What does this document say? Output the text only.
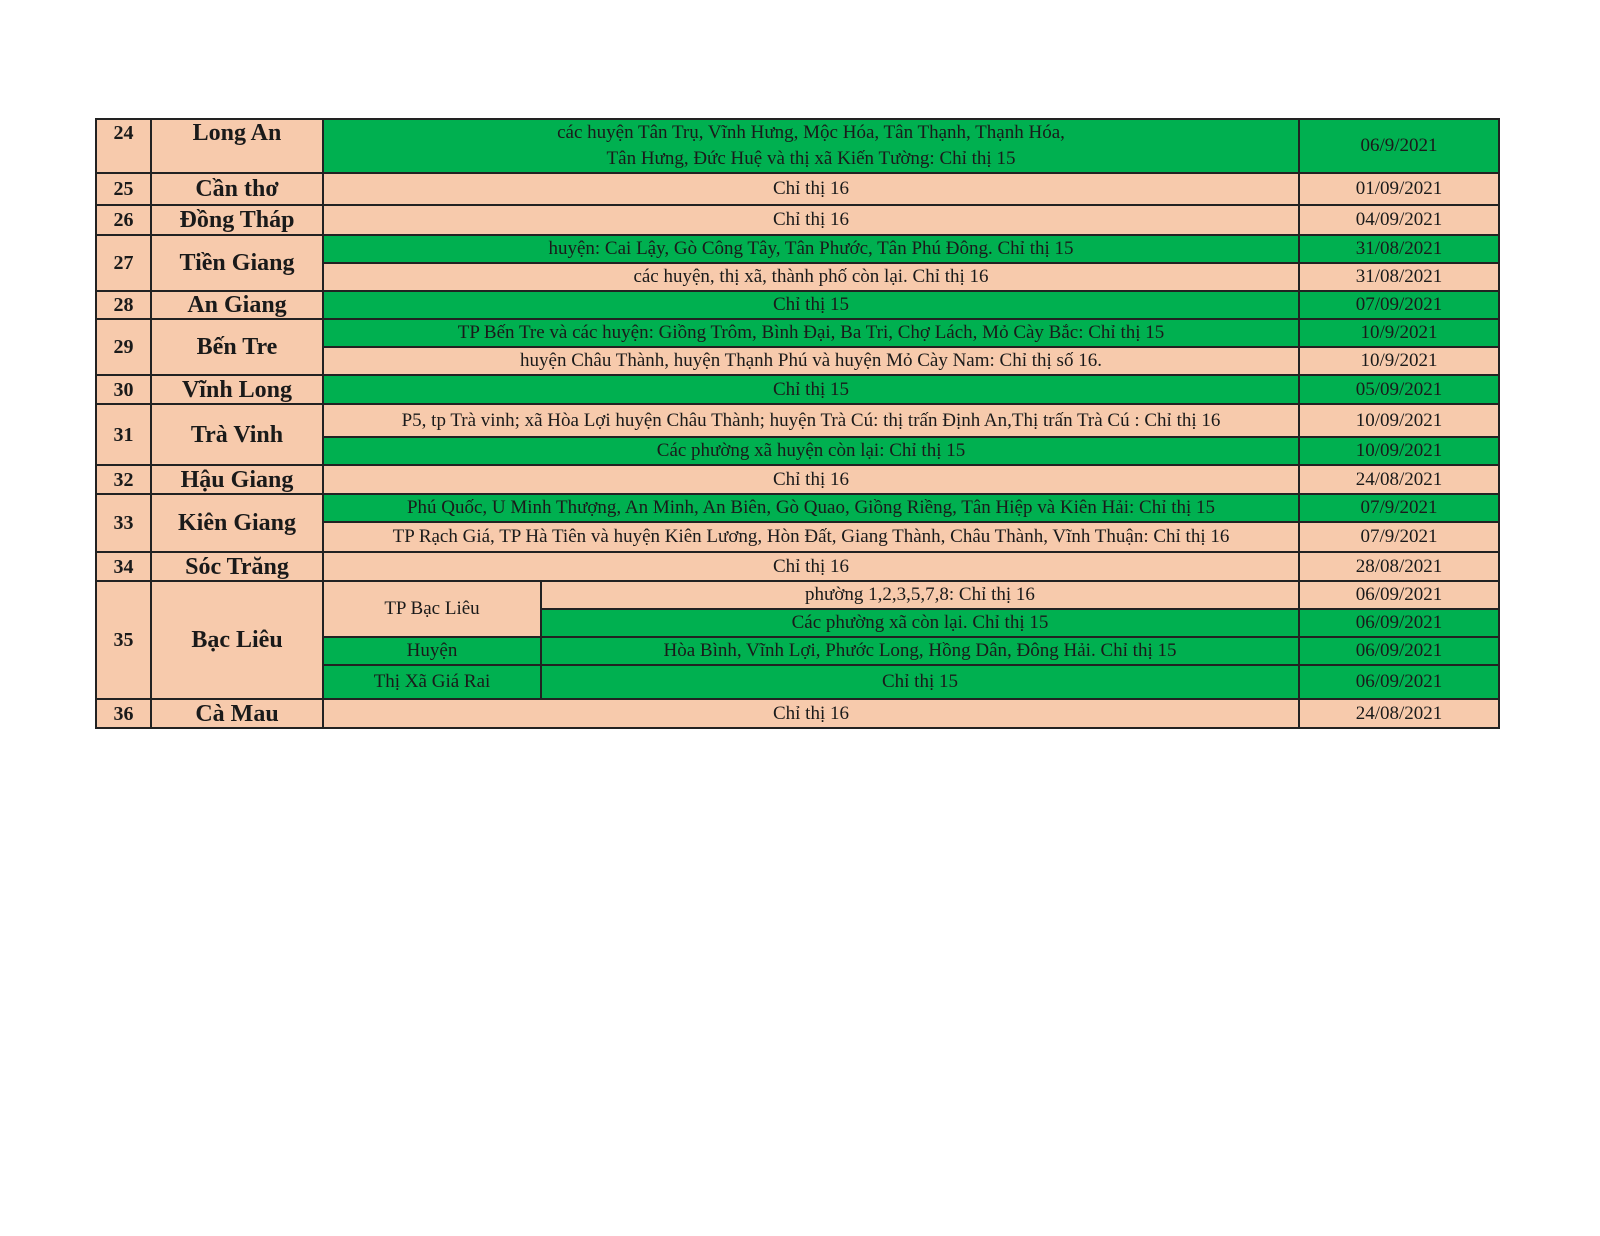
24	Long An	các huyện Tân Trụ, Vĩnh Hưng, Mộc Hóa, Tân Thạnh, Thạnh Hóa,
Tân Hưng, Đức Huệ và thị xã Kiến Tường: Chỉ thị 15		06/9/2021
25	Cần thơ	Chỉ thị 16		01/09/2021
26	Đồng Tháp	Chỉ thị 16		04/09/2021
27	Tiền Giang	huyện: Cai Lậy, Gò Công Tây, Tân Phước, Tân Phú Đông. Chỉ thị 15		31/08/2021
		các huyện, thị xã, thành phố còn lại. Chỉ thị 16		31/08/2021
28	An Giang	Chỉ thị 15		07/09/2021
29	Bến Tre	TP Bến Tre và các huyện: Giồng Trôm, Bình Đại, Ba Tri, Chợ Lách, Mỏ Cày Bắc: Chỉ thị 15		10/9/2021
		huyện Châu Thành, huyện Thạnh Phú và huyện Mỏ Cày Nam: Chỉ thị số 16.		10/9/2021
30	Vĩnh Long	Chỉ thị 15		05/09/2021
31	Trà Vinh	P5, tp Trà vinh; xã Hòa Lợi huyện Châu Thành; huyện Trà Cú: thị trấn Định An,Thị trấn Trà Cú : Chỉ thị 16		10/09/2021
		Các phường xã huyện còn lại: Chỉ thị 15		10/09/2021
32	Hậu Giang	Chỉ thị 16		24/08/2021
33	Kiên Giang	Phú Quốc, U Minh Thượng, An Minh, An Biên, Gò Quao, Giồng Riềng, Tân Hiệp và Kiên Hải: Chỉ thị 15		07/9/2021
		TP Rạch Giá, TP Hà Tiên và huyện Kiên Lương, Hòn Đất, Giang Thành, Châu Thành, Vĩnh Thuận: Chỉ thị 16		07/9/2021
34	Sóc Trăng	Chỉ thị 16		28/08/2021
35	Bạc Liêu	TP Bạc Liêu	phường 1,2,3,5,7,8: Chỉ thị 16	06/09/2021
			Các phường xã còn lại. Chỉ thị 15	06/09/2021
		Huyện	Hòa Bình, Vĩnh Lợi, Phước Long, Hồng Dân, Đông Hải. Chỉ thị 15	06/09/2021
		Thị Xã Giá Rai	Chỉ thị 15	06/09/2021
36	Cà Mau	Chỉ thị 16		24/08/2021
